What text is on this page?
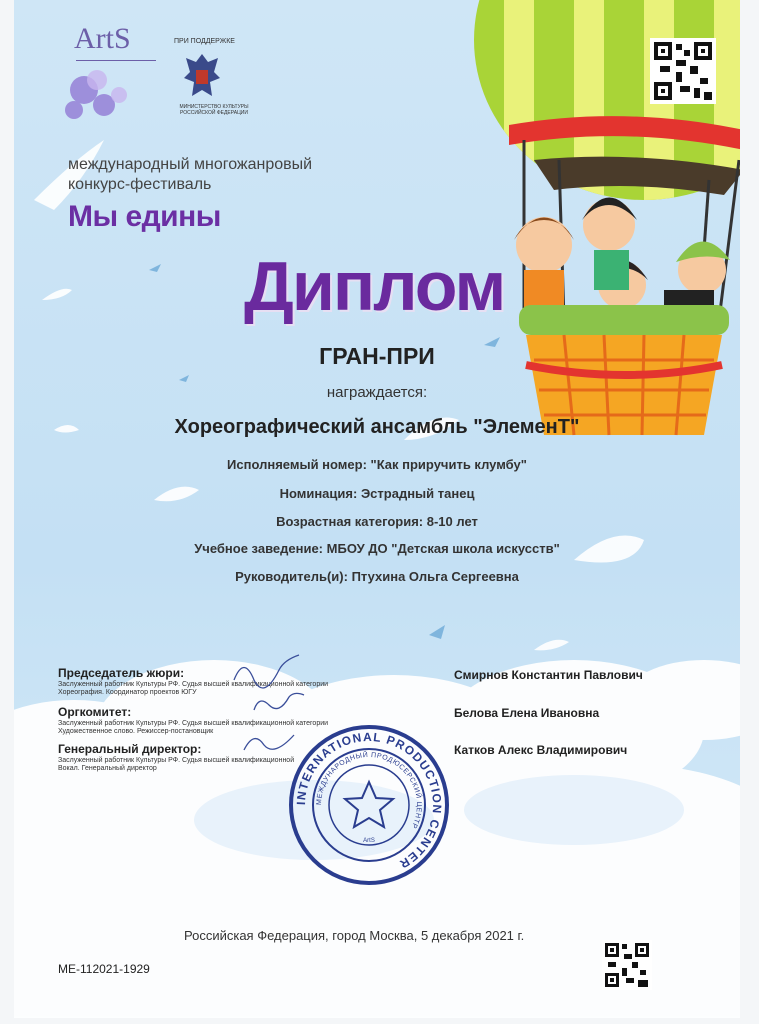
ArtS	ПРИ ПОДДЕРЖКЕ
МИНИСТЕРСТВО КУЛЬТУРЫ РОССИЙСКОЙ ФЕДЕРАЦИИ
международный многожанровый
конкурс-фестиваль
Мы едины
Диплом
ГРАН-ПРИ
награждается:
Хореографический ансамбль "ЭлеменТ"
Исполняемый номер: "Как приручить клумбу"
Номинация: Эстрадный танец
Возрастная категория: 8-10 лет
Учебное заведение: МБОУ ДО "Детская школа искусств"
Руководитель(и): Птухина Ольга Сергеевна
Председатель жюри:
Заслуженный работник Культуры РФ. Судья высшей квалификационной категории
Хореография. Координатор проектов ЮГУ
Смирнов Константин Павлович
Оргкомитет:
Заслуженный работник Культуры РФ. Судья высшей квалификационной категории
Художественное слово. Режиссер-постановщик
Белова Елена Ивановна
Генеральный директор:
Заслуженный работник Культуры РФ. Судья высшей квалификационной
Вокал. Генеральный директор
Катков Алекс Владимирович
INTERNATIONAL PRODUCTION CENTER
МЕЖДУНАРОДНЫЙ ПРОДЮСЕРСКИЙ ЦЕНТР
ArtS
Российская Федерация, город Москва, 5 декабря 2021 г.
ME-112021-1929
